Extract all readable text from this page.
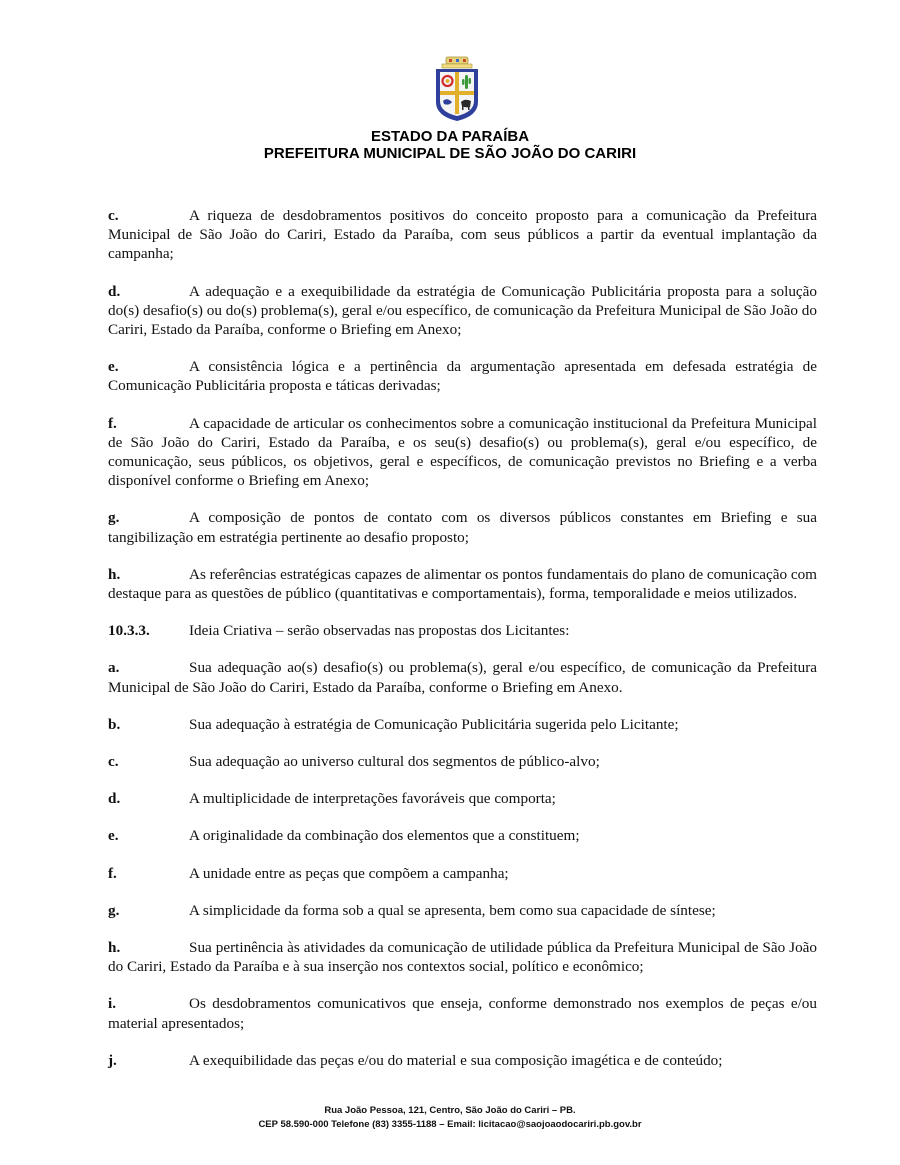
ESTADO DA PARAÍBA
PREFEITURA MUNICIPAL DE SÃO JOÃO DO CARIRI

c.	A riqueza de desdobramentos positivos do conceito proposto para a comunicação da Prefeitura Municipal de São João do Cariri, Estado da Paraíba, com seus públicos a partir da eventual implantação da campanha;

d.	A adequação e a exequibilidade da estratégia de Comunicação Publicitária proposta para a solução do(s) desafio(s) ou do(s) problema(s), geral e/ou específico, de comunicação da Prefeitura Municipal de São João do Cariri, Estado da Paraíba, conforme o Briefing em Anexo;

e.	A consistência lógica e a pertinência da argumentação apresentada em defesada estratégia de Comunicação Publicitária proposta e táticas derivadas;

f.	A capacidade de articular os conhecimentos sobre a comunicação institucional da Prefeitura Municipal de São João do Cariri, Estado da Paraíba, e os seu(s) desafio(s) ou problema(s), geral e/ou específico, de comunicação, seus públicos, os objetivos, geral e específicos, de comunicação previstos no Briefing e a verba disponível conforme o Briefing em Anexo;

g.	A composição de pontos de contato com os diversos públicos constantes em Briefing e sua tangibilização em estratégia pertinente ao desafio proposto;

h.	As referências estratégicas capazes de alimentar os pontos fundamentais do plano de comunicação com destaque para as questões de público (quantitativas e comportamentais), forma, temporalidade e meios utilizados.

10.3.3.	Ideia Criativa – serão observadas nas propostas dos Licitantes:

a.	Sua adequação ao(s) desafio(s) ou problema(s), geral e/ou específico, de comunicação da Prefeitura Municipal de São João do Cariri, Estado da Paraíba, conforme o Briefing em Anexo.

b.	Sua adequação à estratégia de Comunicação Publicitária sugerida pelo Licitante;

c.	Sua adequação ao universo cultural dos segmentos de público-alvo;

d.	A multiplicidade de interpretações favoráveis que comporta;

e.	A originalidade da combinação dos elementos que a constituem;

f.	A unidade entre as peças que compõem a campanha;

g.	A simplicidade da forma sob a qual se apresenta, bem como sua capacidade de síntese;

h.	Sua pertinência às atividades da comunicação de utilidade pública da Prefeitura Municipal de São João do Cariri, Estado da Paraíba e à sua inserção nos contextos social, político e econômico;

i.	Os desdobramentos comunicativos que enseja, conforme demonstrado nos exemplos de peças e/ou material apresentados;

j.	A exequibilidade das peças e/ou do material e sua composição imagética e de conteúdo;

Rua João Pessoa, 121, Centro, São João do Cariri – PB.
CEP 58.590-000 Telefone (83) 3355-1188 – Email: licitacao@saojoaodocariri.pb.gov.br
